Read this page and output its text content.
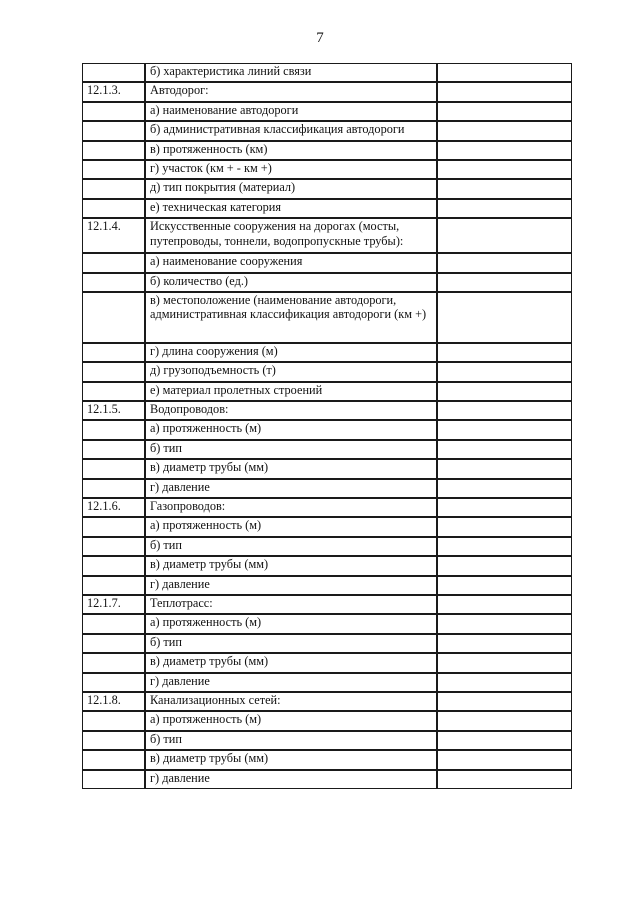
7
	б) характеристика линий связи	
12.1.3.	Автодорог:	
	а) наименование автодороги	
	б) административная классификация автодороги	
	в) протяженность (км)	
	г) участок (км + - км +)	
	д) тип покрытия (материал)	
	е) техническая категория	
12.1.4.	Искусственные сооружения на дорогах (мосты, путепроводы, тоннели, водопропускные трубы):	
	а) наименование сооружения	
	б) количество (ед.)	
	в) местоположение (наименование автодороги, административная классификация автодороги (км +)	
	г) длина сооружения (м)	
	д) грузоподъемность (т)	
	е) материал пролетных строений	
12.1.5.	Водопроводов:	
	а) протяженность (м)	
	б) тип	
	в) диаметр трубы (мм)	
	г) давление	
12.1.6.	Газопроводов:	
	а) протяженность (м)	
	б) тип	
	в) диаметр трубы (мм)	
	г) давление	
12.1.7.	Теплотрасс:	
	а) протяженность (м)	
	б) тип	
	в) диаметр трубы (мм)	
	г) давление	
12.1.8.	Канализационных сетей:	
	а) протяженность (м)	
	б) тип	
	в) диаметр трубы (мм)	
	г) давление	
